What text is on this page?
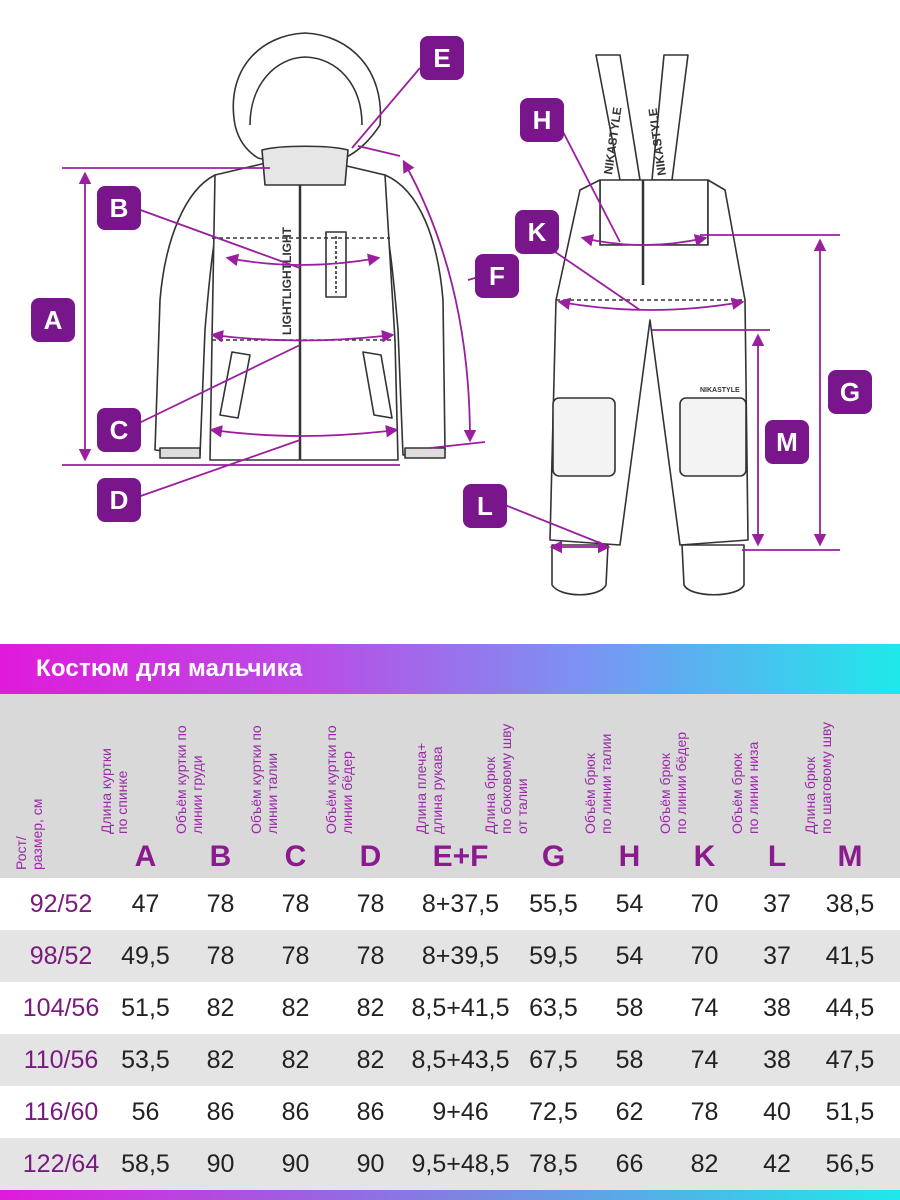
LIGHTLIGHTLIGHT
NIKASTYLE NIKASTYLE
NIKASTYLE
A
B
C
D
E
F
G
H
K
L
M
Костюм для мальчика
Рост/
размер, см	Длина куртки
по спинке
A
Объём куртки по
линии груди
B
Объём куртки по
линии талии
C
Объём куртки по
линии бёдер
D
Длина плеча+
длина рукава
E+F
Длина брюк
по боковому шву
от талии
G
Объём брюк
по линии талии
H
Объём брюк
по линии бёдер
K
Объём брюк
по линии низа
L
Длина брюк
по шаговому шву
M
92/52	47	78	78	78	8+37,5	55,5	54	70	37	38,5
98/52	49,5	78	78	78	8+39,5	59,5	54	70	37	41,5
104/56 51,5	82	82	82	8,5+41,5 63,5	58	74	38	44,5
110/56 53,5	82	82	82	8,5+43,5 67,5	58	74	38	47,5
116/60	56	86	86	86	9+46	72,5	62	78	40	51,5
122/64 58,5	90	90	90	9,5+48,5 78,5	66	82	42	56,5
